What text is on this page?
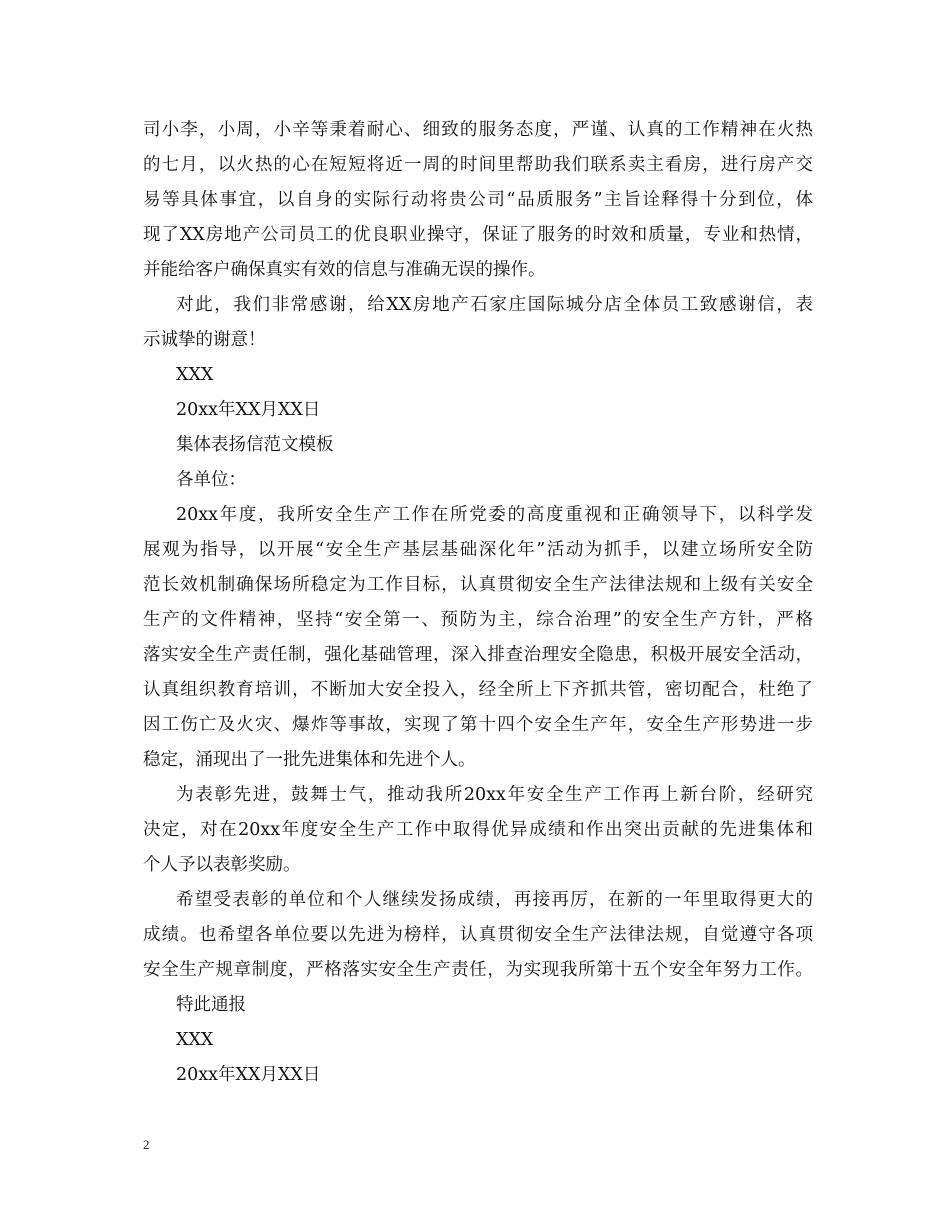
司小李，小周，小辛等秉着耐心、细致的服务态度，严谨、认真的工作精神在火热
的七月，以火热的心在短短将近一周的时间里帮助我们联系卖主看房，进行房产交
易等具体事宜，以自身的实际行动将贵公司“品质服务”主旨诠释得十分到位，体
现了XX房地产公司员工的优良职业操守，保证了服务的时效和质量，专业和热情，
并能给客户确保真实有效的信息与准确无误的操作。
对此，我们非常感谢，给XX房地产石家庄国际城分店全体员工致感谢信，表
示诚挚的谢意！
XXX
20xx年XX月XX日
集体表扬信范文模板
各单位：
20xx年度，我所安全生产工作在所党委的高度重视和正确领导下，以科学发
展观为指导，以开展“安全生产基层基础深化年”活动为抓手，以建立场所安全防
范长效机制确保场所稳定为工作目标，认真贯彻安全生产法律法规和上级有关安全
生产的文件精神，坚持“安全第一、预防为主，综合治理”的安全生产方针，严格
落实安全生产责任制，强化基础管理，深入排查治理安全隐患，积极开展安全活动，
认真组织教育培训，不断加大安全投入，经全所上下齐抓共管，密切配合，杜绝了
因工伤亡及火灾、爆炸等事故，实现了第十四个安全生产年，安全生产形势进一步
稳定，涌现出了一批先进集体和先进个人。
为表彰先进，鼓舞士气，推动我所20xx年安全生产工作再上新台阶，经研究
决定，对在20xx年度安全生产工作中取得优异成绩和作出突出贡献的先进集体和
个人予以表彰奖励。
希望受表彰的单位和个人继续发扬成绩，再接再厉，在新的一年里取得更大的
成绩。也希望各单位要以先进为榜样，认真贯彻安全生产法律法规，自觉遵守各项
安全生产规章制度，严格落实安全生产责任，为实现我所第十五个安全年努力工作。
特此通报
XXX
20xx年XX月XX日
2
